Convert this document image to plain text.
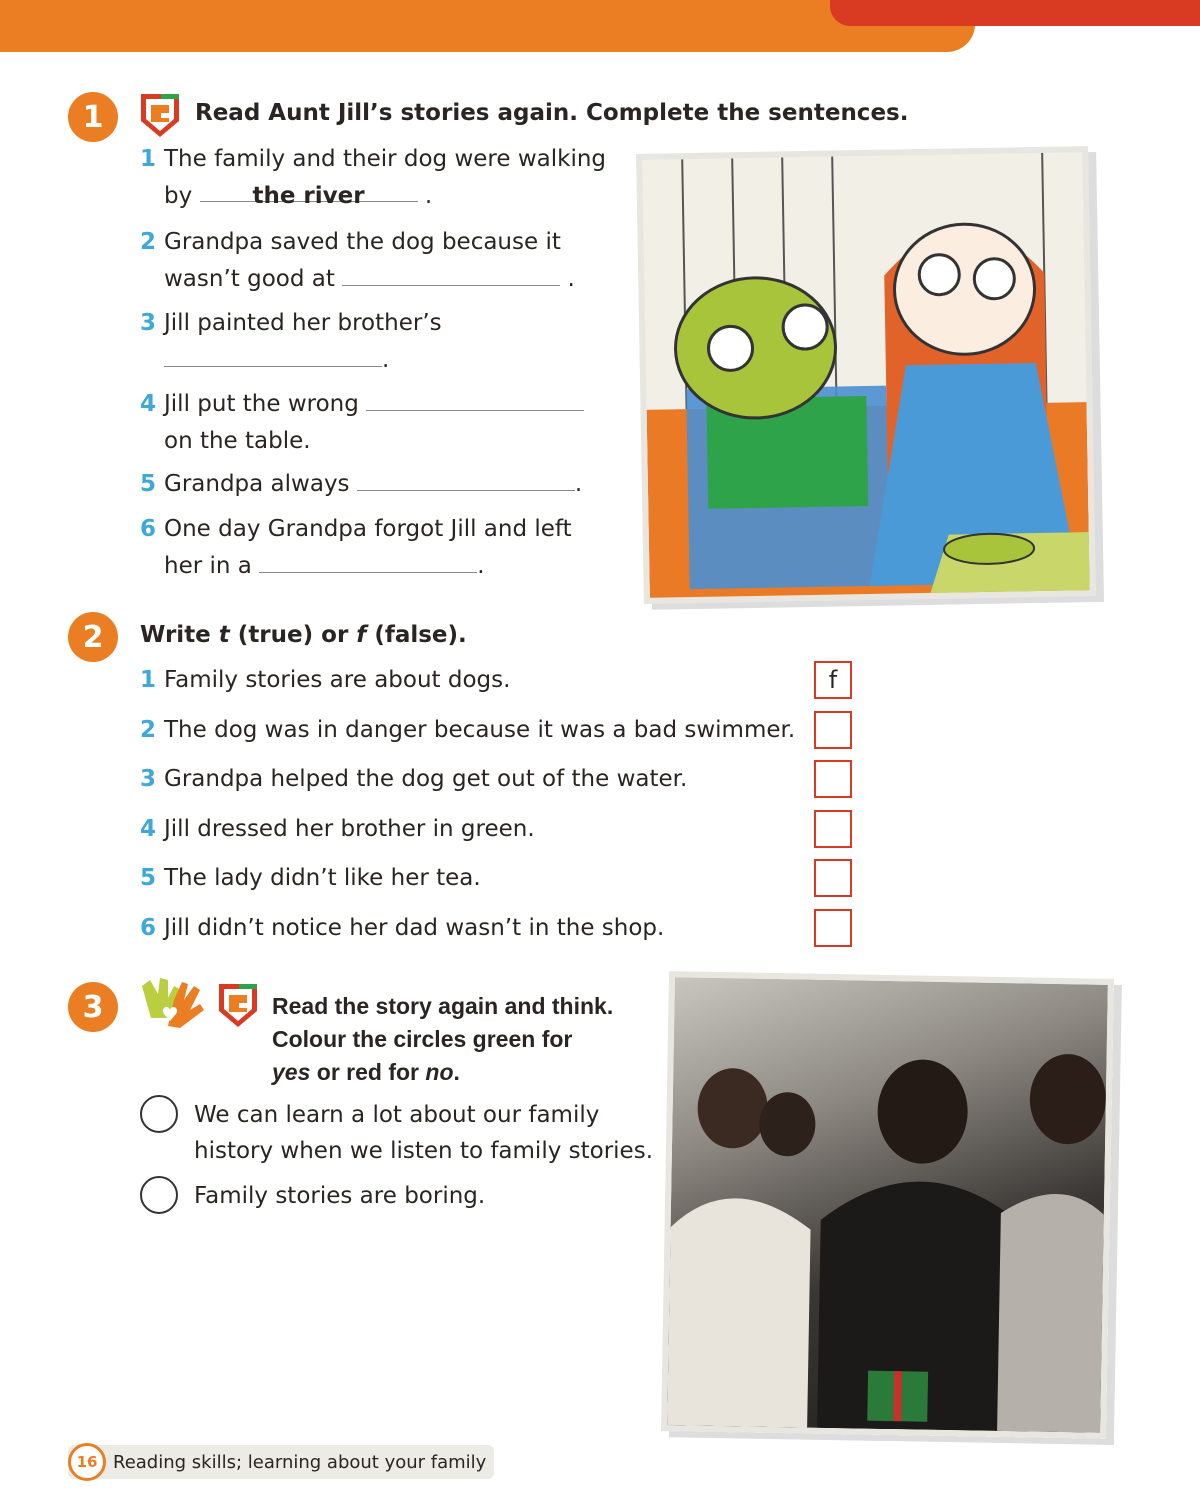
1	Read Aunt Jill’s stories again. Complete the sentences.
1 The family and their dog were walking
by	the river	.
2 Grandpa saved the dog because it
wasn’t good at	.
3 Jill painted her brother’s
.
4 Jill put the wrong
on the table.
5 Grandpa always	.
6 One day Grandpa forgot Jill and left
her in a	.
2	Write t (true) or f (false).
1 Family stories are about dogs.	f
2 The dog was in danger because it was a bad swimmer.
3 Grandpa helped the dog get out of the water.
4 Jill dressed her brother in green.
5 The lady didn’t like her tea.
6 Jill didn’t notice her dad wasn’t in the shop.
3	Read the story again and think.
Colour the circles green for
yes or red for no.
We can learn a lot about our family
history when we listen to family stories.
Family stories are boring.
16 Reading skills; learning about your family
